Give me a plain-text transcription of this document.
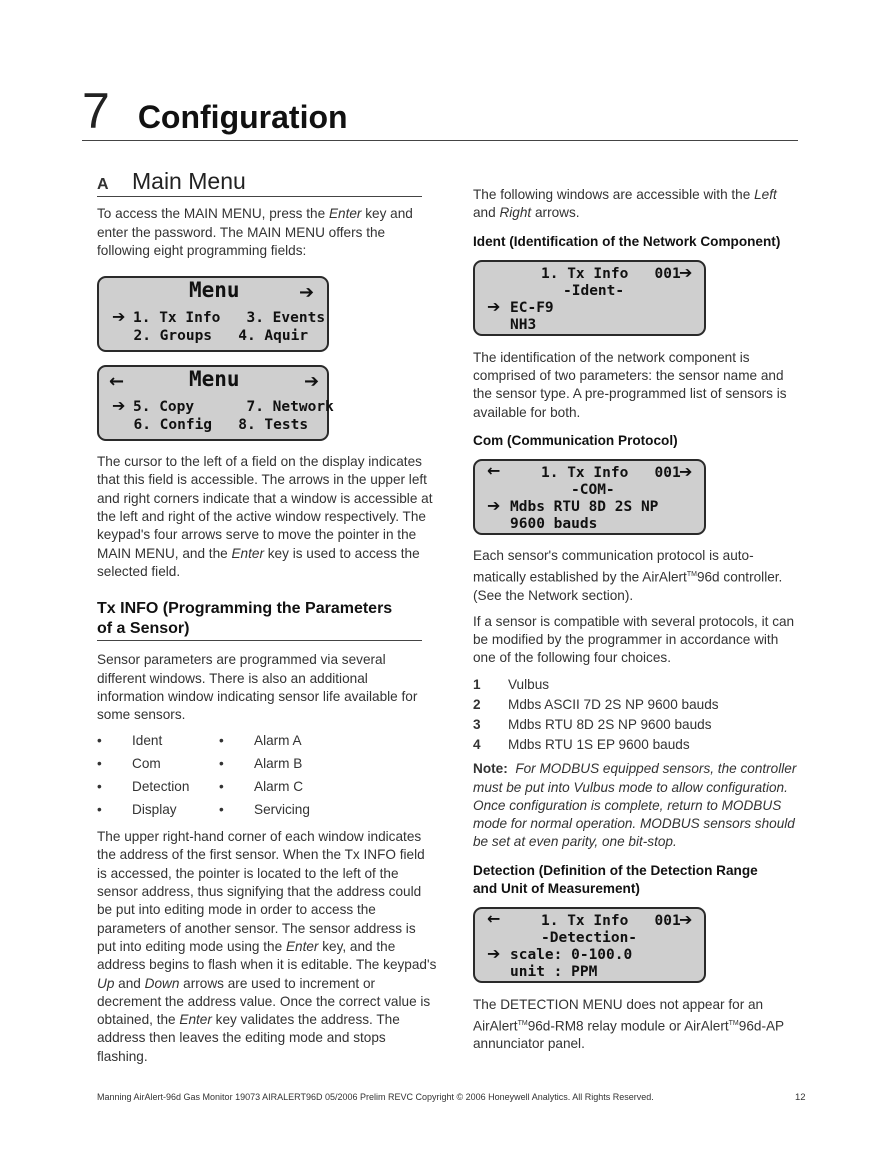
7 Configuration
A	Main Menu

To access the MAIN MENU, press the Enter key and enter the password. The MAIN MENU offers the following eight programming fields:

Menu	➔
➔ 1. Tx Info   3. Events
2. Groups   4. Aquir
←	Menu	➔
➔ 5. Copy      7. Network
6. Config   8. Tests

The cursor to the left of a field on the display indicates that this field is accessible. The arrows in the upper left and right corners indicate that a window is accessible at the left and right of the active window respectively. The keypad's four arrows serve to move the pointer in the MAIN MENU, and the Enter key is used to access the selected field.

Tx INFO (Programming the Parameters
of a Sensor)

Sensor parameters are programmed via several different windows. There is also an additional information window indicating sensor life available for some sensors.

•	Ident	•	Alarm A
•	Com	•	Alarm B
•	Detection •	Alarm C
•	Display	•	Servicing

The upper right-hand corner of each window indicates the address of the first sensor. When the Tx INFO field is accessed, the pointer is located to the left of the sensor address, thus signifying that the address could be put into editing mode in order to access the parameters of another sensor. The sensor address is put into editing mode using the Enter key, and the address begins to flash when it is editable. The keypad's Up and Down arrows are used to increment or decrement the address value. Once the correct value is obtained, the Enter key validates the address. The address then leaves the editing mode and stops flashing.

The following windows are accessible with the Left and Right arrows.

Ident (Identification of the Network Component)
1. Tx Info   001
➔
-Ident-
➔ EC-F9
NH3

The identification of the network component is comprised of two parameters: the sensor name and the sensor type. A pre-programmed list of sensors is available for both.

Com (Communication Protocol)
←	1. Tx Info   001
➔
-COM-
➔ Mdbs RTU 8D 2S NP
9600 bauds

Each sensor's communication protocol is auto-matically established by the AirAlert™96d controller. (See the Network section).

If a sensor is compatible with several protocols, it can be modified by the programmer in accordance with one of the following four choices.

1	Vulbus
2	Mdbs ASCII 7D 2S NP 9600 bauds
3	Mdbs RTU 8D 2S NP 9600 bauds
4	Mdbs RTU 1S EP 9600 bauds

Note: For MODBUS equipped sensors, the controller must be put into Vulbus mode to allow configuration. Once configuration is complete, return to MODBUS mode for normal operation. MODBUS sensors should be set at even parity, one bit-stop.

Detection (Definition of the Detection Range
and Unit of Measurement)
←	1. Tx Info   001
➔
-Detection-
➔ scale: 0-100.0
unit : PPM

The DETECTION MENU does not appear for an AirAlert™96d-RM8 relay module or AirAlert™96d-AP annunciator panel.

Manning AirAlert-96d Gas Monitor 19073 AIRALERT96D 05/2006 Prelim REVC Copyright © 2006 Honeywell Analytics. All Rights Reserved.	12
